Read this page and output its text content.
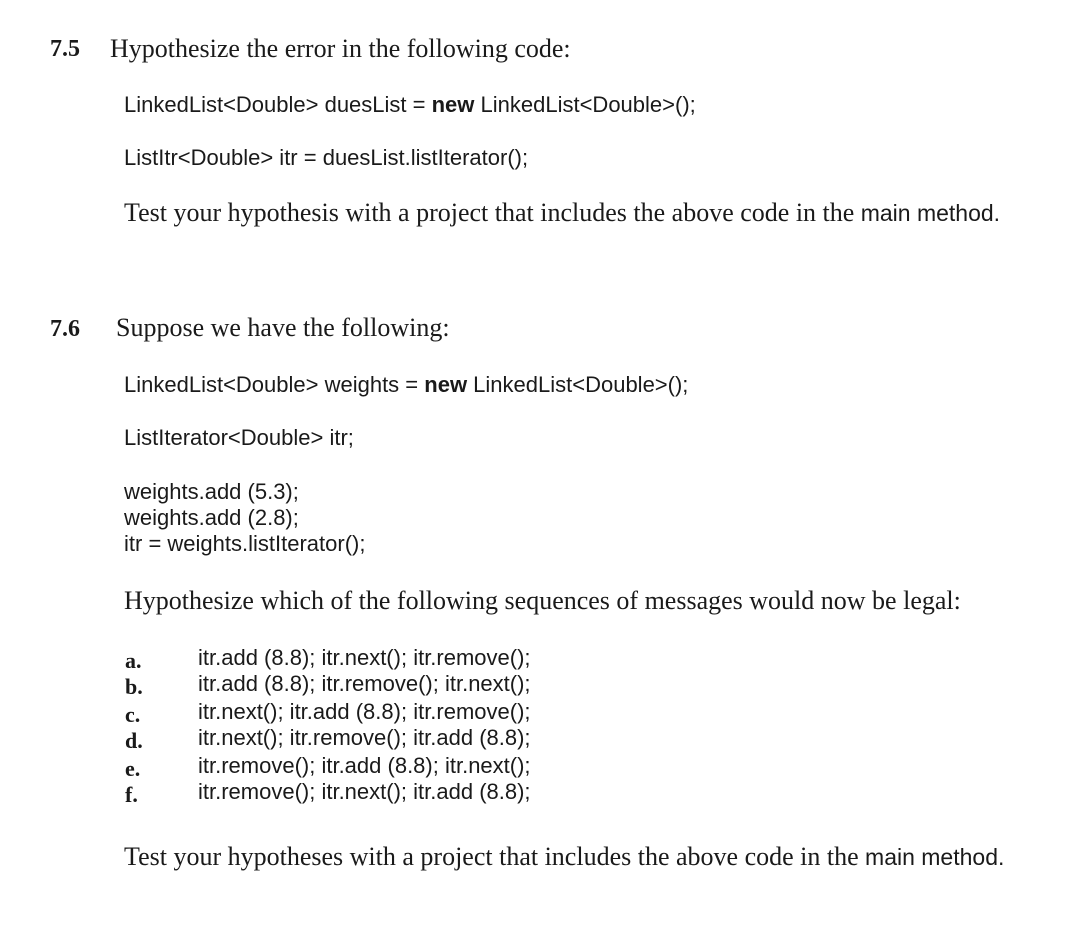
7.5 Hypothesize the error in the following code:
LinkedList<Double> duesList = new LinkedList<Double>();
ListItr<Double> itr = duesList.listIterator();
Test your hypothesis with a project that includes the above code in the main method.
7.6 Suppose we have the following:
LinkedList<Double> weights = new LinkedList<Double>();
ListIterator<Double> itr;
weights.add (5.3);
weights.add (2.8);
itr = weights.listIterator();
Hypothesize which of the following sequences of messages would now be legal:
a.	itr.add (8.8); itr.next(); itr.remove();
b.	itr.add (8.8); itr.remove(); itr.next();
c.	itr.next(); itr.add (8.8); itr.remove();
d.	itr.next(); itr.remove(); itr.add (8.8);
e.	itr.remove(); itr.add (8.8); itr.next();
f.	itr.remove(); itr.next(); itr.add (8.8);
Test your hypotheses with a project that includes the above code in the main method.
